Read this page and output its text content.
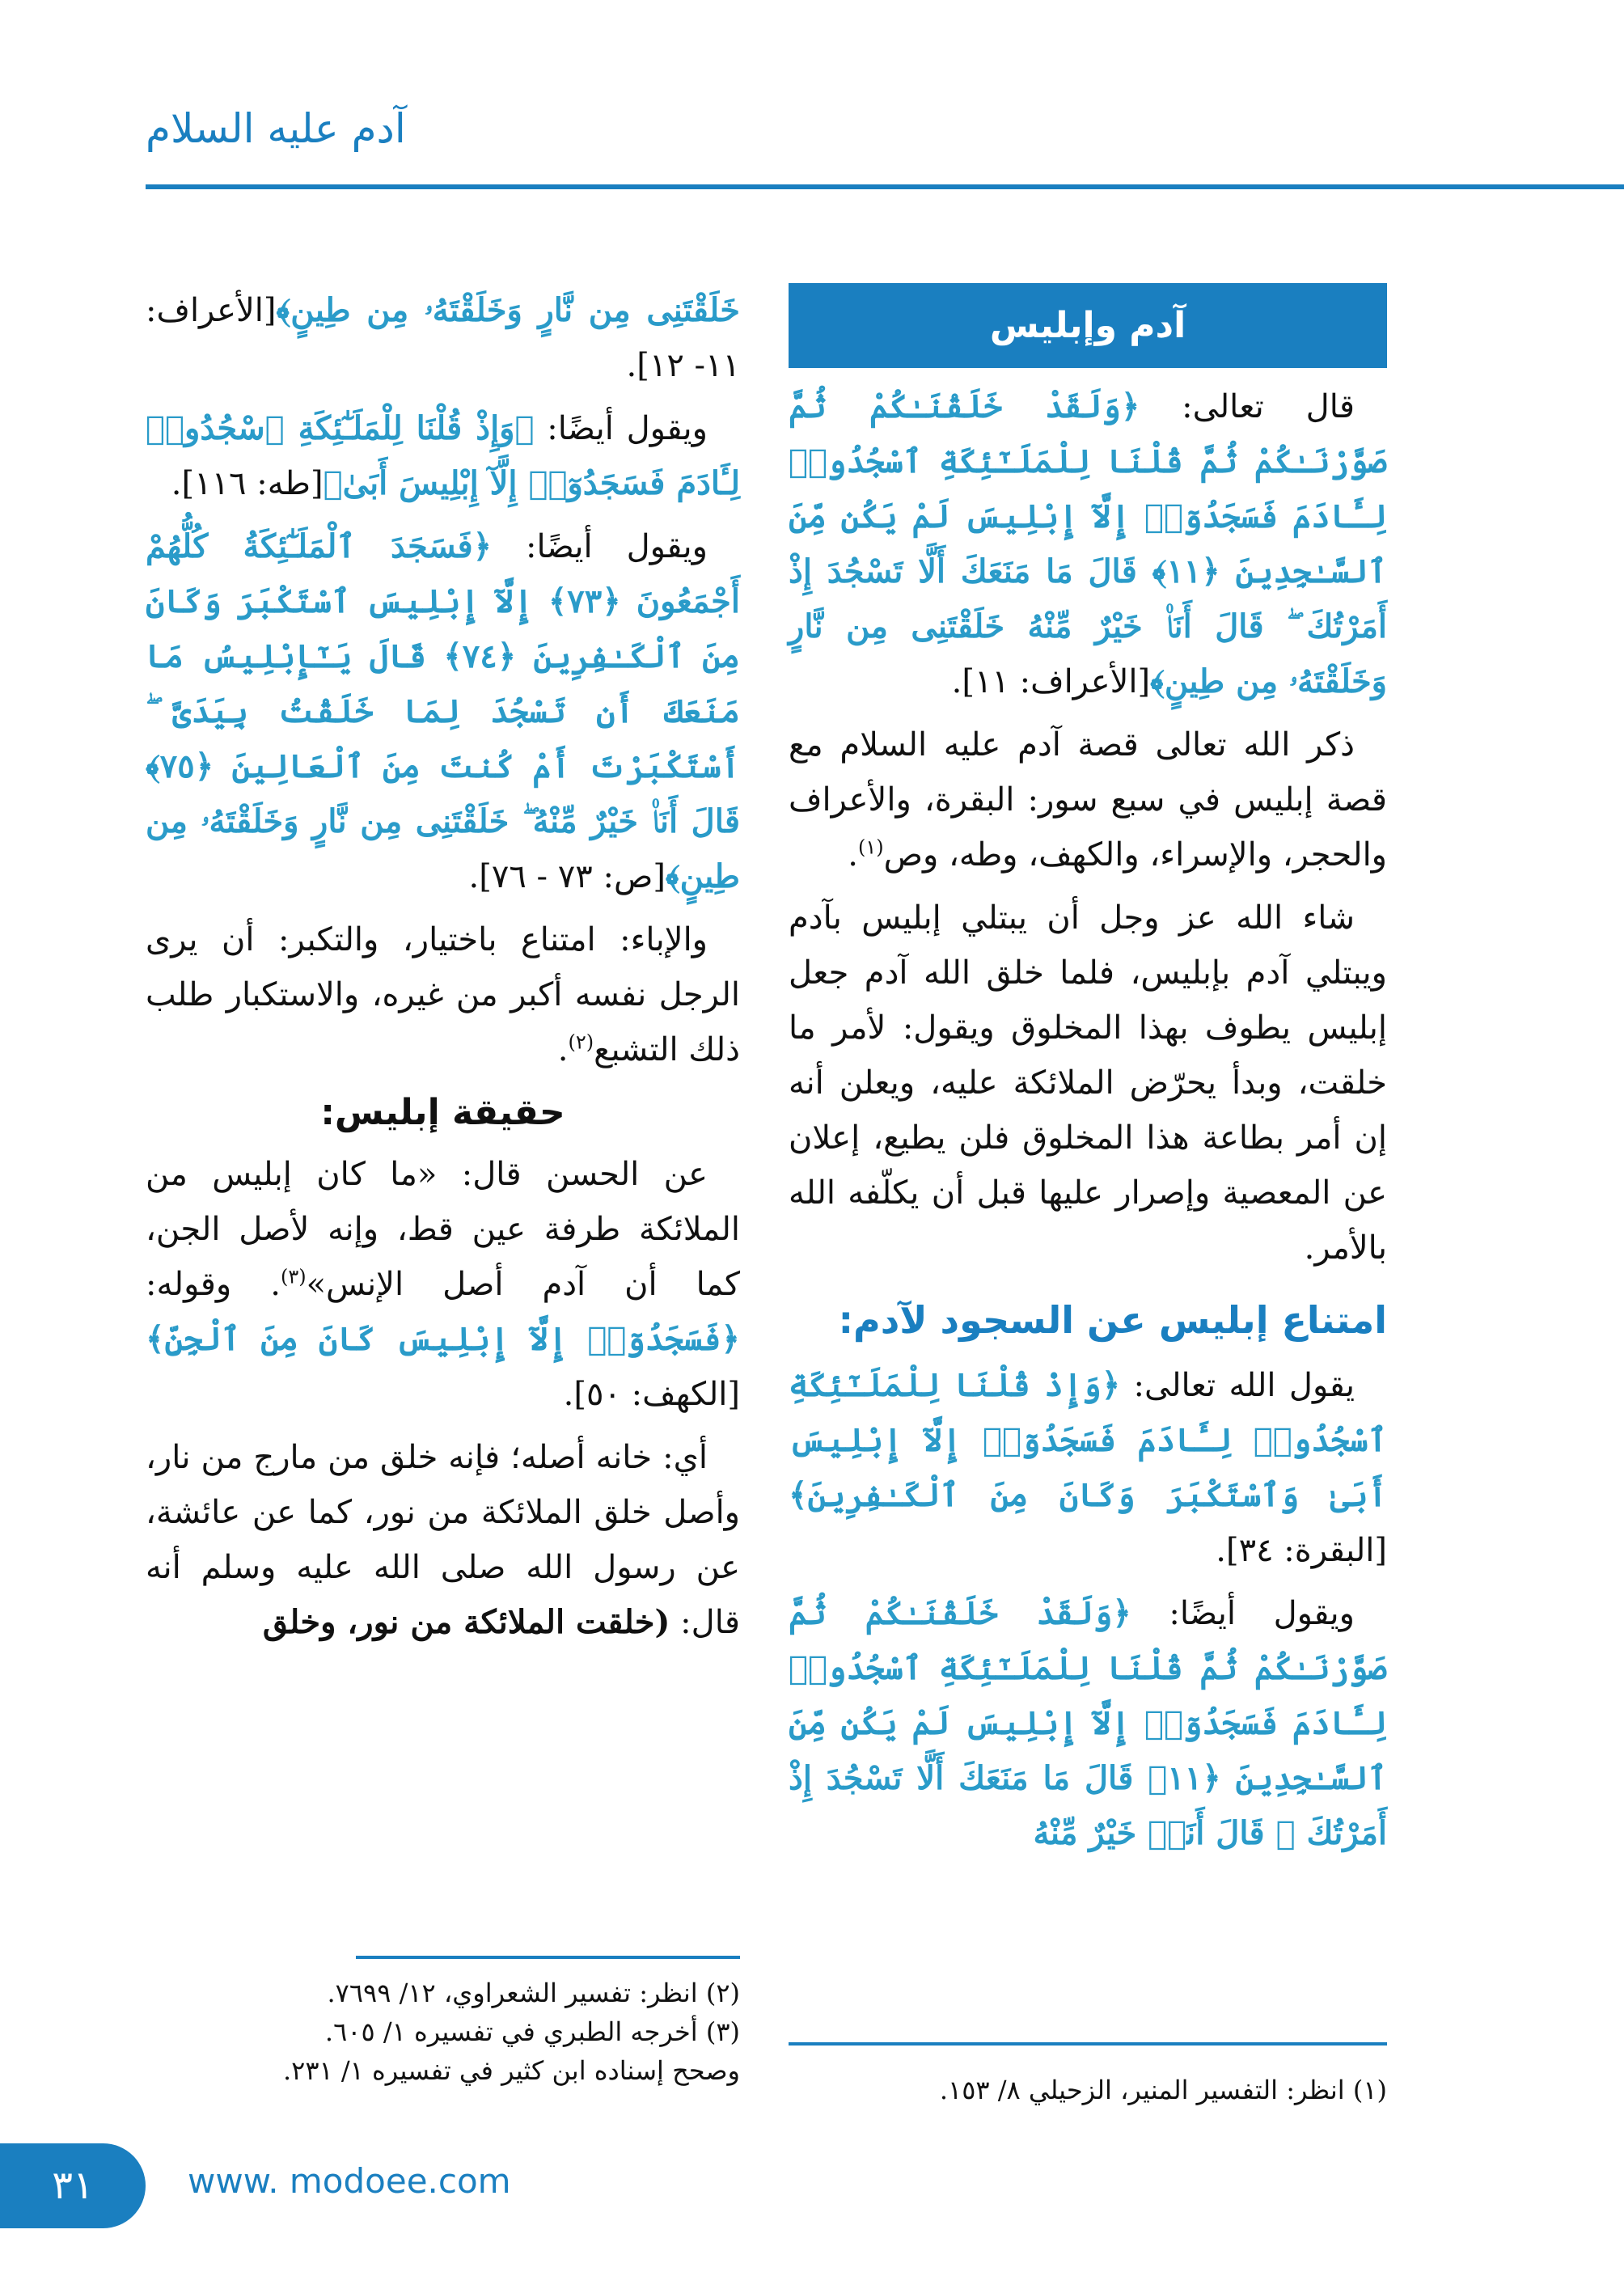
آدم عليه السلام
آدم وإبليس

قال تعالى: ﴿وَلَقَدْ خَلَقْنَـٰكُمْ ثُمَّ صَوَّرْنَـٰكُمْ ثُمَّ قُلْنَا لِلْمَلَـٰٓئِكَةِ ٱسْجُدُوا۟ لِـَٔادَمَ فَسَجَدُوٓا۟ إِلَّآ إِبْلِيسَ لَمْ يَكُن مِّنَ ٱلسَّـٰجِدِينَ ﴿١١﴾ قَالَ مَا مَنَعَكَ أَلَّا تَسْجُدَ إِذْ أَمَرْتُكَ ۖ قَالَ أَنَا۠ خَيْرٌ مِّنْهُ خَلَقْتَنِى مِن نَّارٍ وَخَلَقْتَهُۥ مِن طِينٍ﴾[الأعراف: ١١].

ذكر الله تعالى قصة آدم عليه السلام مع قصة إبليس في سبع سور: البقرة، والأعراف والحجر، والإسراء، والكهف، وطه، وص$^{(١)}$.

شاء الله عز وجل أن يبتلي إبليس بآدم ويبتلي آدم بإبليس، فلما خلق الله آدم جعل إبليس يطوف بهذا المخلوق ويقول: لأمر ما خلقت، وبدأ يحرّض الملائكة عليه، ويعلن أنه إن أمر بطاعة هذا المخلوق فلن يطيع، إعلان عن المعصية وإصرار عليها قبل أن يكلّفه الله بالأمر.

امتناع إبليس عن السجود لآدم:

يقول الله تعالى: ﴿وَإِذْ قُلْنَا لِلْمَلَـٰٓئِكَةِ ٱسْجُدُوا۟ لِـَٔادَمَ فَسَجَدُوٓا۟ إِلَّآ إِبْلِيسَ أَبَىٰ وَٱسْتَكْبَرَ وَكَانَ مِنَ ٱلْكَـٰفِرِينَ﴾[البقرة: ٣٤].

ويقول أيضًا: ﴿وَلَقَدْ خَلَقْنَـٰكُمْ ثُمَّ صَوَّرْنَـٰكُمْ ثُمَّ قُلْنَا لِلْمَلَـٰٓئِكَةِ ٱسْجُدُوا۟ لِـَٔادَمَ فَسَجَدُوٓا۟ إِلَّآ إِبْلِيسَ لَمْ يَكُن مِّنَ ٱلسَّـٰجِدِينَ ﴿١١﴾ قَالَ مَا مَنَعَكَ أَلَّا تَسْجُدَ إِذْ أَمَرْتُكَ ۖ قَالَ أَنَا۠ خَيْرٌ مِّنْهُ

(١) انظر: التفسير المنير، الزحيلي ٨/ ١٥٣.

خَلَقْتَنِى مِن نَّارٍ وَخَلَقْتَهُۥ مِن طِينٍ﴾[الأعراف: ١١- ١٢].

ويقول أيضًا: ﴿وَإِذْ قُلْنَا لِلْمَلَـٰٓئِكَةِ ٱسْجُدُوا۟ لِـَٔادَمَ فَسَجَدُوٓا۟ إِلَّآ إِبْلِيسَ أَبَىٰ﴾[طه: ١١٦].

ويقول أيضًا: ﴿فَسَجَدَ ٱلْمَلَـٰٓئِكَةُ كُلُّهُمْ أَجْمَعُونَ ﴿٧٣﴾ إِلَّآ إِبْلِيسَ ٱسْتَكْبَرَ وَكَانَ مِنَ ٱلْكَـٰفِرِينَ ﴿٧٤﴾ قَالَ يَـٰٓإِبْلِيسُ مَا مَنَعَكَ أَن تَسْجُدَ لِمَا خَلَقْتُ بِيَدَىَّ ۖ أَسْتَكْبَرْتَ أَمْ كُنتَ مِنَ ٱلْعَالِينَ ﴿٧٥﴾ قَالَ أَنَا۠ خَيْرٌ مِّنْهُ ۖ خَلَقْتَنِى مِن نَّارٍ وَخَلَقْتَهُۥ مِن طِينٍ﴾[ص: ٧٣ - ٧٦].

والإباء: امتناع باختيار، والتكبر: أن يرى الرجل نفسه أكبر من غيره، والاستكبار طلب ذلك التشبع$^{(٢)}$.

حقيقة إبليس:

عن الحسن قال: «ما كان إبليس من الملائكة طرفة عين قط، وإنه لأصل الجن، كما أن آدم أصل الإنس»$^{(٣)}$. وقوله: ﴿فَسَجَدُوٓا۟ إِلَّآ إِبْلِيسَ كَانَ مِنَ ٱلْجِنِّ﴾[الكهف: ٥٠].

أي: خانه أصله؛ فإنه خلق من مارج من نار، وأصل خلق الملائكة من نور، كما عن عائشة، عن رسول الله صلى الله عليه وسلم أنه قال: (خلقت الملائكة من نور، وخلق

(٢) انظر: تفسير الشعراوي، ١٢/ ٧٦٩٩.
(٣) أخرجه الطبري في تفسيره ١/ ٦٠٥.
وصحح إسناده ابن كثير في تفسيره ١/ ٢٣١.
٣١	www. modoee.com
